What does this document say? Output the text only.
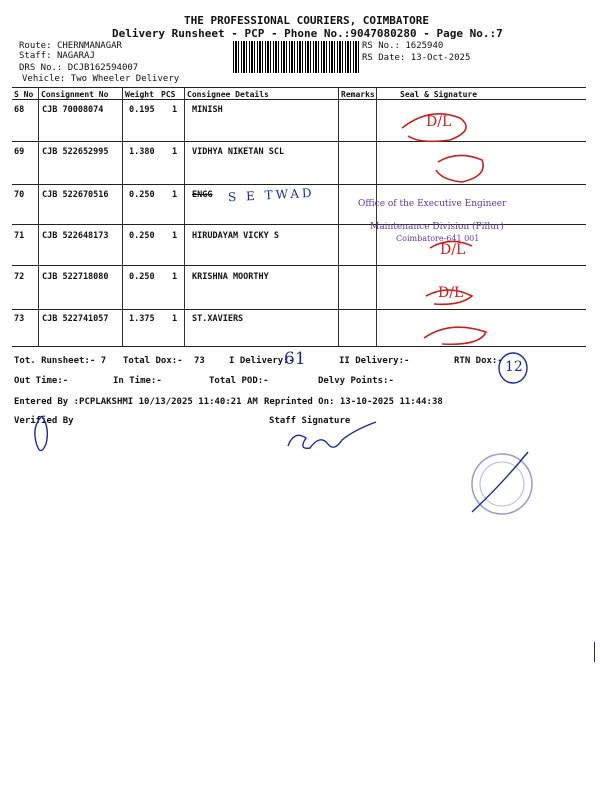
THE PROFESSIONAL COURIERS, COIMBATORE
Delivery Runsheet - PCP - Phone No.:9047080280 - Page No.:7
Route: CHERNMANAGAR
Staff: NAGARAJ
DRS No.: DCJB162594007
Vehicle: Two Wheeler Delivery
RS No.: 1625940
RS Date: 13-Oct-2025
S No Consignment No Weight PCS Consignee Details	Remarks	Seal & Signature
68 CJB 70008074	0.195 1 MINISH
69 CJB 522652995 1.380 1 VIDHYA NIKETAN SCL
70 CJB 522670516 0.250 1 ENGG
71 CJB 522648173 0.250 1 HIRUDAYAM VICKY S
72 CJB 522718080 0.250 1 KRISHNA MOORTHY
73 CJB 522741057 1.375 1 ST.XAVIERS
Tot. Runsheet:- 7 Total Dox:- 73	I Delivery:-	II Delivery:-	RTN Dox:-
Out Time:-	In Time:-	Total POD:-	Delvy Points:-
Entered By :PCPLAKSHMI 10/13/2025 11:40:21 AM Reprinted On: 13-10-2025 11:44:38
Verified By	Staff Signature
61	12
D/L
D/L
D/L
S E TWAD	Office of the Executive Engineer
Maintenance Division (Pillur)
Coimbatore-641 001
